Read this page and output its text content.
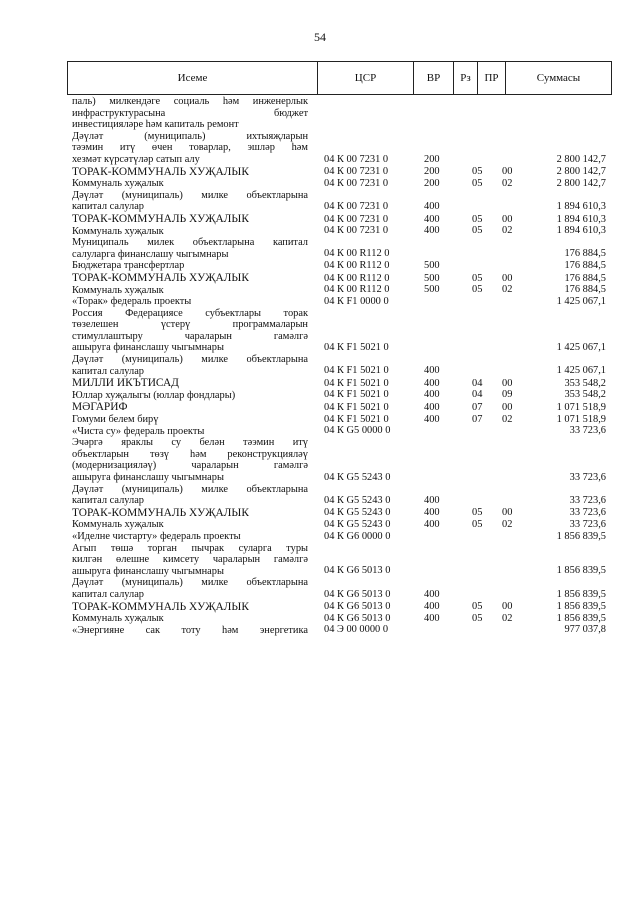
54
Исеме	ЦСР	ВР	Рз	ПР	Суммасы
паль) милкендәге социаль һәм инженерлык
инфраструктурасына бюджет
инвестицияләре һәм капиталь ремонт
Дәүләт (муниципаль) ихтыяҗларын
тәэмин итү өчен товарлар, эшләр һәм
хезмәт күрсәтүләр сатып алу	04 К 00 7231 0	200	2 800 142,7
ТОРАК-КОММУНАЛЬ ХУҖАЛЫК	04 К 00 7231 0	200	05 00	2 800 142,7
Коммуналь хуҗалык	04 К 00 7231 0	200	05 02	2 800 142,7
Дәүләт (муниципаль) милке объектларына
капитал салулар	04 К 00 7231 0	400	1 894 610,3
ТОРАК-КОММУНАЛЬ ХУҖАЛЫК	04 К 00 7231 0	400	05 00	1 894 610,3
Коммуналь хуҗалык	04 К 00 7231 0	400	05 02	1 894 610,3
Муниципаль милек объектларына капитал
салуларга финанслашу чыгымнары	04 К 00 R112 0	176 884,5
Бюджетара трансфертлар	04 К 00 R112 0	500	176 884,5
ТОРАК-КОММУНАЛЬ ХУҖАЛЫК	04 К 00 R112 0	500	05 00	176 884,5
Коммуналь хуҗалык	04 К 00 R112 0	500	05 02	176 884,5
«Торак» федераль проекты	04 К F1 0000 0	1 425 067,1
Россия Федерациясе субъектлары торак
төзелешен үстерү программаларын
стимуллаштыру чараларын гамәлгә
ашыруга финанслашу чыгымнары	04 К F1 5021 0	1 425 067,1
Дәүләт (муниципаль) милке объектларына
капитал салулар	04 К F1 5021 0	400	1 425 067,1
МИЛЛИ ИКЪТИСАД	04 К F1 5021 0	400	04 00	353 548,2
Юллар хуҗалыгы (юллар фондлары)	04 К F1 5021 0	400	04 09	353 548,2
МӘГАРИФ	04 К F1 5021 0	400	07 00	1 071 518,9
Гомуми белем бирү	04 К F1 5021 0	400	07 02	1 071 518,9
«Чиста су» федераль проекты	04 К G5 0000 0	33 723,6
Эчәргә яраклы су белән тәэмин итү
объектларын төзү һәм реконструкцияләү
(модернизацияләү) чараларын гамәлгә
ашыруга финанслашу чыгымнары	04 К G5 5243 0	33 723,6
Дәүләт (муниципаль) милке объектларына
капитал салулар	04 К G5 5243 0	400	33 723,6
ТОРАК-КОММУНАЛЬ ХУҖАЛЫК	04 К G5 5243 0	400	05 00	33 723,6
Коммуналь хуҗалык	04 К G5 5243 0	400	05 02	33 723,6
«Иделне чистарту» федераль проекты	04 К G6 0000 0	1 856 839,5
Агып төшә торган пычрак суларга туры
килгән өлешне кимсету чараларын гамәлгә
ашыруга финанслашу чыгымнары	04 К G6 5013 0	1 856 839,5
Дәүләт (муниципаль) милке объектларына
капитал салулар	04 К G6 5013 0	400	1 856 839,5
ТОРАК-КОММУНАЛЬ ХУҖАЛЫК	04 К G6 5013 0	400	05 00	1 856 839,5
Коммуналь хуҗалык	04 К G6 5013 0	400	05 02	1 856 839,5
«Энергияне сак тоту һәм энергетика 04 Э 00 0000 0	977 037,8
